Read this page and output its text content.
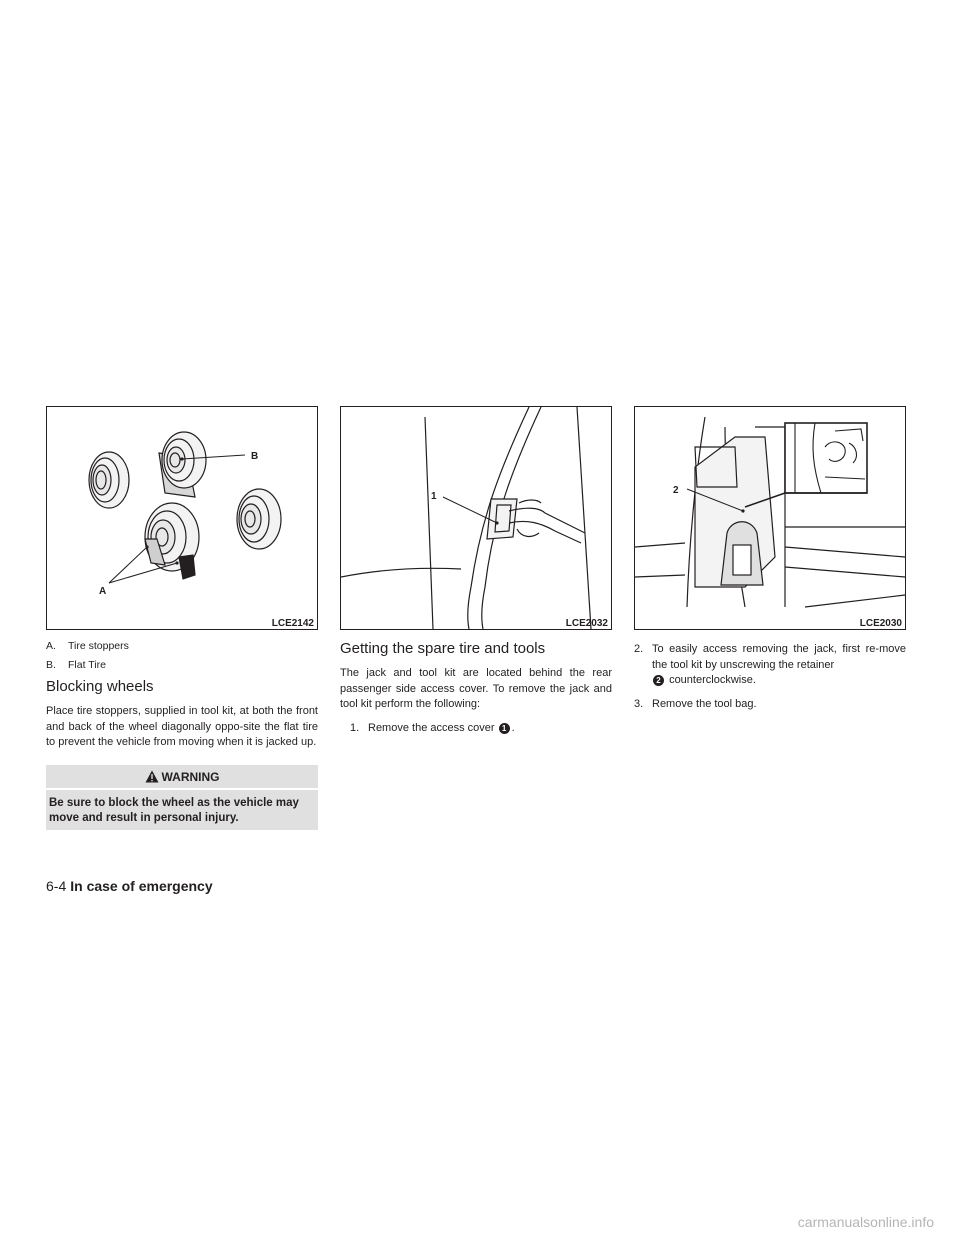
B
A
LCE2142
A.	Tire stoppers
B.	Flat Tire
Blocking wheels

Place tire stoppers, supplied in tool kit, at both the front and back of the wheel diagonally oppo-site the flat tire to prevent the vehicle from moving when it is jacked up.

WARNING
Be sure to block the wheel as the vehicle may move and result in personal injury.
1
LCE2032
Getting the spare tire and tools

The jack and tool kit are located behind the rear passenger side access cover. To remove the jack and tool kit perform the following:

1. Remove the access cover 1 .
2
LCE2030
2. To easily access removing the jack, first re-move the tool kit by unscrewing the retainer
2 counterclockwise.
3. Remove the tool bag.
6-4 In case of emergency
carmanualsonline.info
